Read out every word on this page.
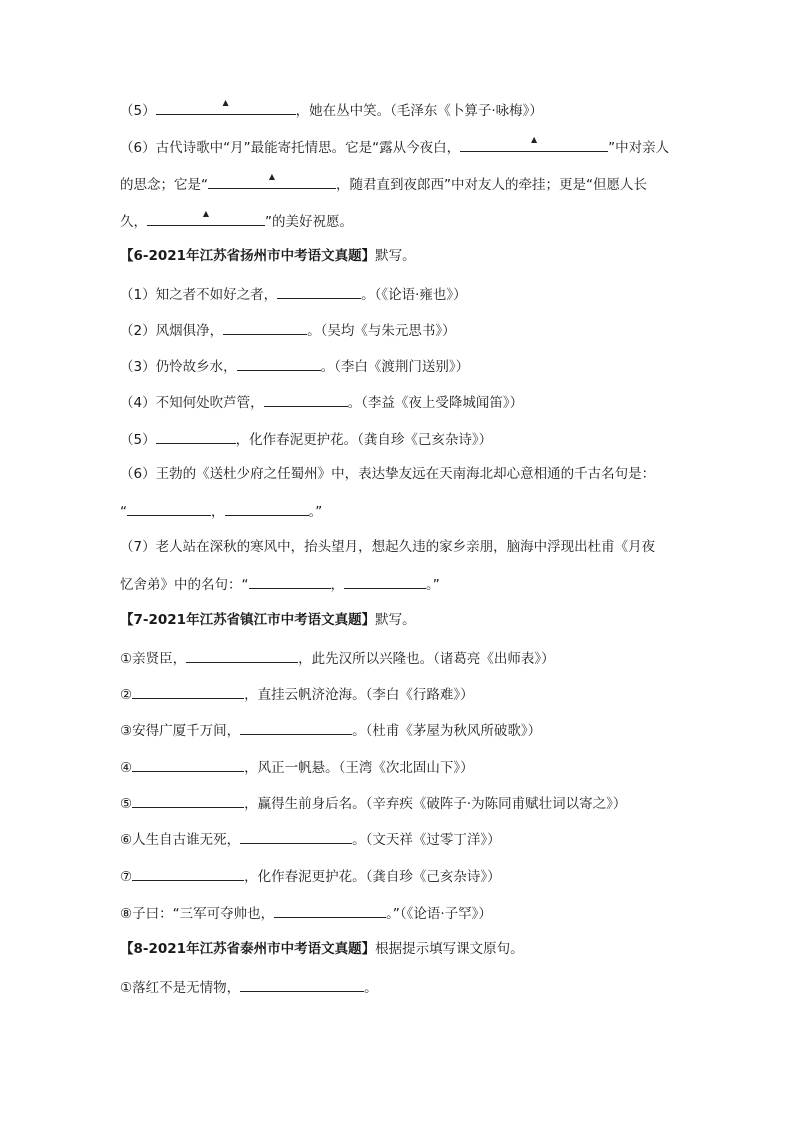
（5）
▲
，她在丛中笑。（毛泽东《卜算子·咏梅》）
（6）古代诗歌中“月”最能寄托情思。它是“露从今夜白，
▲
”中对亲人
的思念；它是“
▲
，随君直到夜郎西”中对友人的牵挂；更是“但愿人长
久，
▲
”的美好祝愿。
【6-2021年江苏省扬州市中考语文真题】默写。
（1）知之者不如好之者，	。（《论语·雍也》）
（2）风烟俱净，	。（吴均《与朱元思书》）
（3）仍怜故乡水，	。（李白《渡荆门送别》）
（4）不知何处吹芦管，	。（李益《夜上受降城闻笛》）
（5）	，化作春泥更护花。（龚自珍《己亥杂诗》）
（6）王勃的《送杜少府之任蜀州》中，表达挚友远在天南海北却心意相通的千古名句是：
“	，	。”
（7）老人站在深秋的寒风中，抬头望月，想起久违的家乡亲朋，脑海中浮现出杜甫《月夜
忆舍弟》中的名句：“	，	。”
【7-2021年江苏省镇江市中考语文真题】默写。
①亲贤臣，	，此先汉所以兴隆也。（诸葛亮《出师表》）
②	，直挂云帆济沧海。（李白《行路难》）
③安得广厦千万间，	。（杜甫《茅屋为秋风所破歌》）
④	，风正一帆悬。（王湾《次北固山下》）
⑤	，赢得生前身后名。（辛弃疾《破阵子·为陈同甫赋壮词以寄之》）
⑥人生自古谁无死，	。（文天祥《过零丁洋》）
⑦	，化作春泥更护花。（龚自珍《己亥杂诗》）
⑧子曰：“三军可夺帅也，	。”（《论语·子罕》）
【8-2021年江苏省泰州市中考语文真题】根据提示填写课文原句。
①落红不是无情物，	。
